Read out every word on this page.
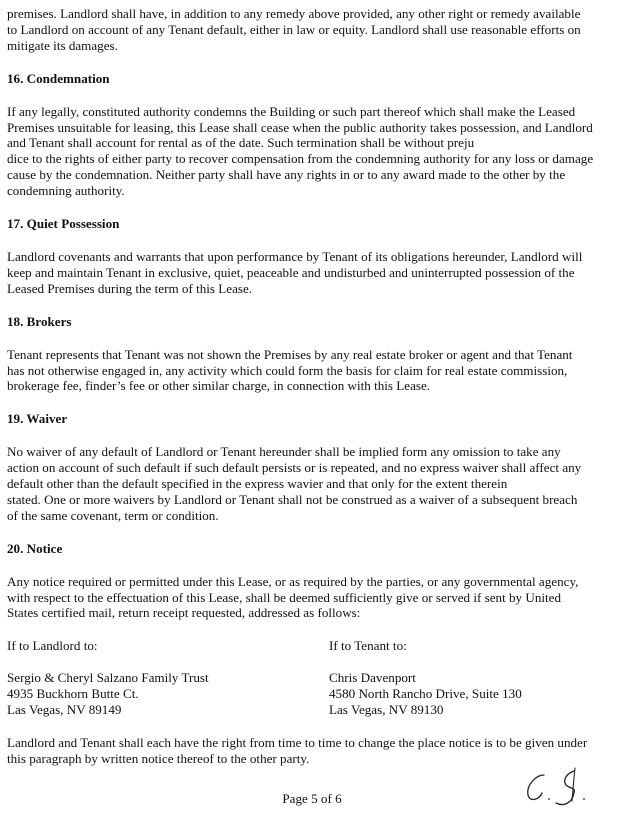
premises. Landlord shall have, in addition to any remedy above provided, any other right or remedy available
to Landlord on account of any Tenant default, either in law or equity. Landlord shall use reasonable efforts on
mitigate its damages.

16. Condemnation

If any legally, constituted authority condemns the Building or such part thereof which shall make the Leased
Premises unsuitable for leasing, this Lease shall cease when the public authority takes possession, and Landlord
and Tenant shall account for rental as of the date. Such termination shall be without preju
dice to the rights of either party to recover compensation from the condemning authority for any loss or damage
cause by the condemnation. Neither party shall have any rights in or to any award made to the other by the
condemning authority.

17. Quiet Possession

Landlord covenants and warrants that upon performance by Tenant of its obligations hereunder, Landlord will
keep and maintain Tenant in exclusive, quiet, peaceable and undisturbed and uninterrupted possession of the
Leased Premises during the term of this Lease.

18. Brokers

Tenant represents that Tenant was not shown the Premises by any real estate broker or agent and that Tenant
has not otherwise engaged in, any activity which could form the basis for claim for real estate commission,
brokerage fee, finder’s fee or other similar charge, in connection with this Lease.

19. Waiver

No waiver of any default of Landlord or Tenant hereunder shall be implied form any omission to take any
action on account of such default if such default persists or is repeated, and no express waiver shall affect any
default other than the default specified in the express wavier and that only for the extent therein
stated. One or more waivers by Landlord or Tenant shall not be construed as a waiver of a subsequent breach
of the same covenant, term or condition.

20. Notice

Any notice required or permitted under this Lease, or as required by the parties, or any governmental agency,
with respect to the effectuation of this Lease, shall be deemed sufficiently give or served if sent by United
States certified mail, return receipt requested, addressed as follows:

If to Landlord to:
Sergio & Cheryl Salzano Family Trust
4935 Buckhorn Butte Ct.
Las Vegas, NV 89149
If to Tenant to:
Chris Davenport
4580 North Rancho Drive, Suite 130
Las Vegas, NV 89130

Landlord and Tenant shall each have the right from time to time to change the place notice is to be given under
this paragraph by written notice thereof to the other party.

Page 5 of 6
